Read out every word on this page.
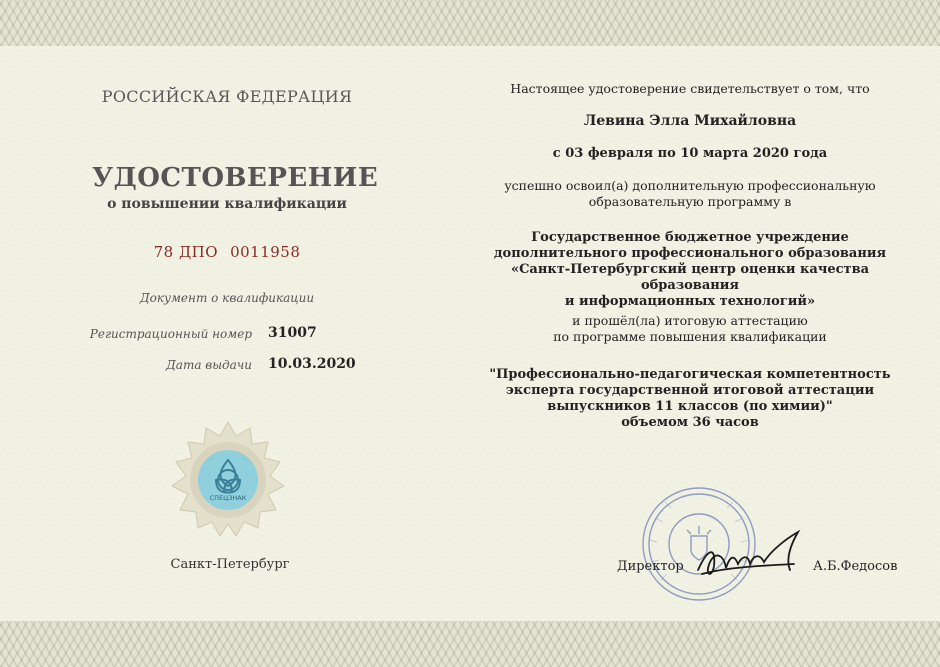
РОССИЙСКАЯ ФЕДЕРАЦИЯ
УДОСТОВЕРЕНИЕ
о повышении квалификации
78 ДПО 0011958
Документ о квалификации
Регистрационный номер 31007
Дата выдачи 10.03.2020
СПЕЦЗНАК
Санкт-Петербург
Настоящее удостоверение свидетельствует о том, что
Левина Элла Михайловна
с 03 февраля по 10 марта 2020 года
успешно освоил(а) дополнительную профессиональную
образовательную программу в
Государственное бюджетное учреждение
дополнительного профессионального образования
«Санкт-Петербургский центр оценки качества образования
и информационных технологий»
и прошёл(ла) итоговую аттестацию
по программе повышения квалификации
"Профессионально-педагогическая компетентность
эксперта государственной итоговой аттестации
выпускников 11 классов (по химии)"
объемом 36 часов
Директор	А.Б.Федосов
